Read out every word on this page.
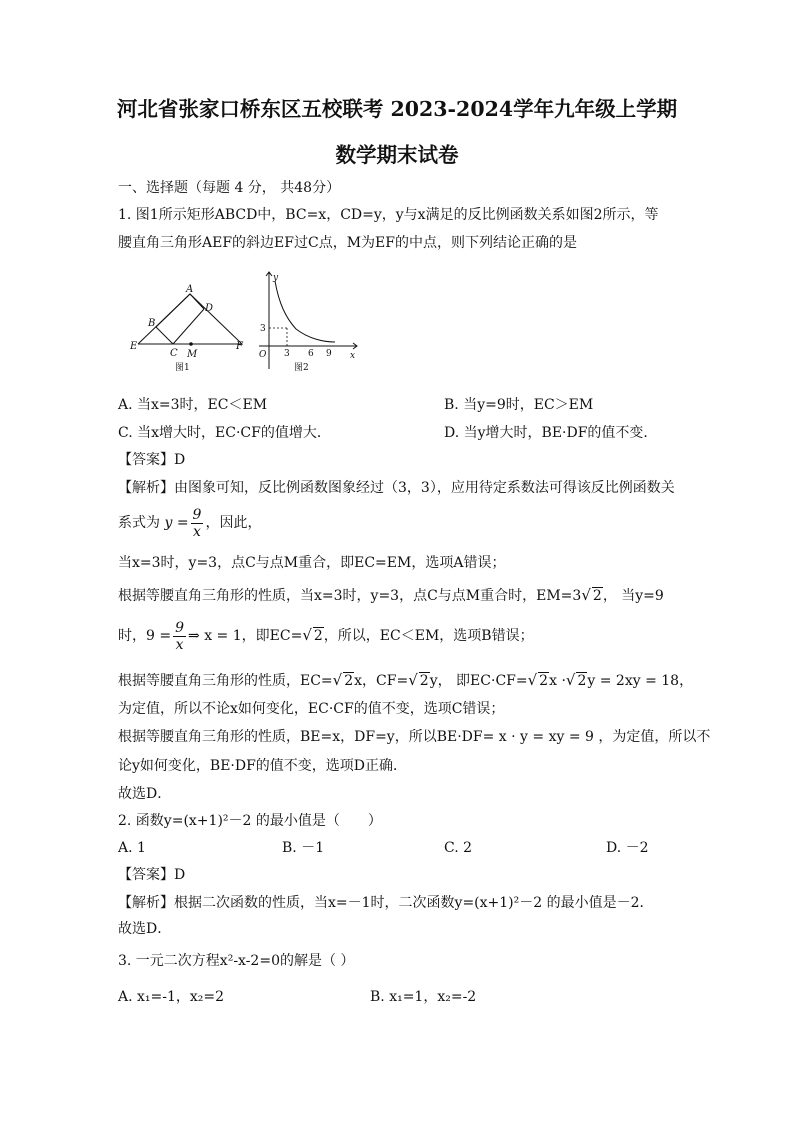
河北省张家口桥东区五校联考 2023-2024学年九年级上学期
数学期末试卷
一、选择题（每题 4 分， 共48分）
1. 图1所示矩形ABCD中，BC=x，CD=y，y与x满足的反比例函数关系如图2所示，等
腰直角三角形AEF的斜边EF过C点，M为EF的中点，则下列结论正确的是
A
B
C
D
E	F
M
图1
y
x
O
3
3 6 9
图2
A. 当x=3时，EC＜EM	B. 当y=9时，EC＞EM
C. 当x增大时，EC·CF的值增大．	D. 当y增大时，BE·DF的值不变．
【答案】D
【解析】由图象可知，反比例函数图象经过（3，3），应用待定系数法可得该反比例函数关
系式为 $y = \frac{9}{x}$ ，因此，
当x=3时，y=3，点C与点M重合，即EC=EM，选项A错误；
根据等腰直角三角形的性质，当x=3时，y=3，点C与点M重合时，EM=3√ 2， 当y=9
时，$9 = \frac{9}{x}$ ⇒ x = 1，即EC=√ 2，所以，EC＜EM，选项B错误；
根据等腰直角三角形的性质，EC=√ 2x，CF=√ 2y， 即EC·CF=√ 2x ·√ 2y = 2xy = 18，
为定值，所以不论x如何变化，EC·CF的值不变，选项C错误；
根据等腰直角三角形的性质，BE=x，DF=y，所以BE·DF= x · y = xy = 9 ，为定值，所以不
论y如何变化，BE·DF的值不变，选项D正确．
故选D．
2. 函数y=(x+1)²－2 的最小值是（　　）
A. 1	B. －1	C. 2	D. －2
【答案】D
【解析】根据二次函数的性质，当x=－1时，二次函数y=(x+1)²－2 的最小值是－2．
故选D．
3. 一元二次方程x²-x-2=0的解是（ ）
A. x₁=-1，x₂=2	B. x₁=1，x₂=-2
